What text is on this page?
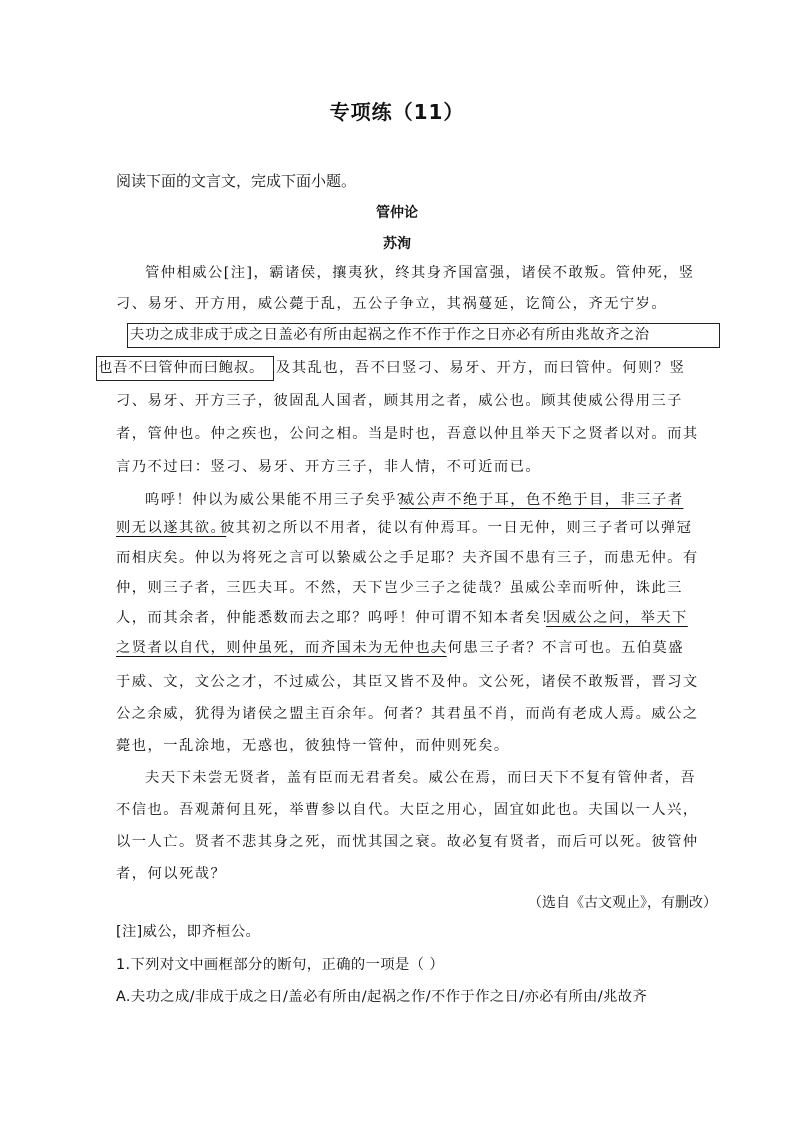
专项练（11）
阅读下面的文言文，完成下面小题。
管仲论
苏洵
管仲相威公[注]，霸诸侯，攘夷狄，终其身齐国富强，诸侯不敢叛。管仲死，竖
刁、易牙、开方用，威公薨于乱，五公子争立，其祸蔓延，讫简公，齐无宁岁。
夫功之成非成于成之日盖必有所由起祸之作不作于作之日亦必有所由兆故齐之治
也吾不曰管仲而曰鲍叔。 及其乱也，吾不曰竖刁、易牙、开方，而曰管仲。何则？竖
刁、易牙、开方三子，彼固乱人国者，顾其用之者，威公也。顾其使威公得用三子
者，管仲也。仲之疾也，公问之相。当是时也，吾意以仲且举天下之贤者以对。而其
言乃不过曰：竖刁、易牙、开方三子，非人情，不可近而已。
呜呼！仲以为威公果能不用三子矣乎？
威公声不绝于耳，色不绝于目，非三子者
则无以遂其欲。
彼其初之所以不用者，徒以有仲焉耳。一日无仲，则三子者可以弹冠
而相庆矣。仲以为将死之言可以絷威公之手足耶？夫齐国不患有三子，而患无仲。有
仲，则三子者，三匹夫耳。不然，天下岂少三子之徒哉？虽威公幸而听仲，诛此三
人，而其余者，仲能悉数而去之耶？呜呼！仲可谓不知本者矣！
因威公之问，举天下
之贤者以自代，则仲虽死，而齐国未为无仲也。
夫何患三子者？不言可也。五伯莫盛
于威、文，文公之才，不过威公，其臣又皆不及仲。文公死，诸侯不敢叛晋，晋习文
公之余威，犹得为诸侯之盟主百余年。何者？其君虽不肖，而尚有老成人焉。威公之
薨也，一乱涂地，无惑也，彼独恃一管仲，而仲则死矣。
夫天下未尝无贤者，盖有臣而无君者矣。威公在焉，而曰天下不复有管仲者，吾
不信也。吾观萧何且死，举曹参以自代。大臣之用心，固宜如此也。夫国以一人兴，
以一人亡。贤者不悲其身之死，而忧其国之衰。故必复有贤者，而后可以死。彼管仲
者，何以死哉？
（选自《古文观止》，有删改）
[注]威公，即齐桓公。
1.下列对文中画框部分的断句，正确的一项是（ ）
A.夫功之成/非成于成之日/盖必有所由/起祸之作/不作于作之日/亦必有所由/兆故齐
